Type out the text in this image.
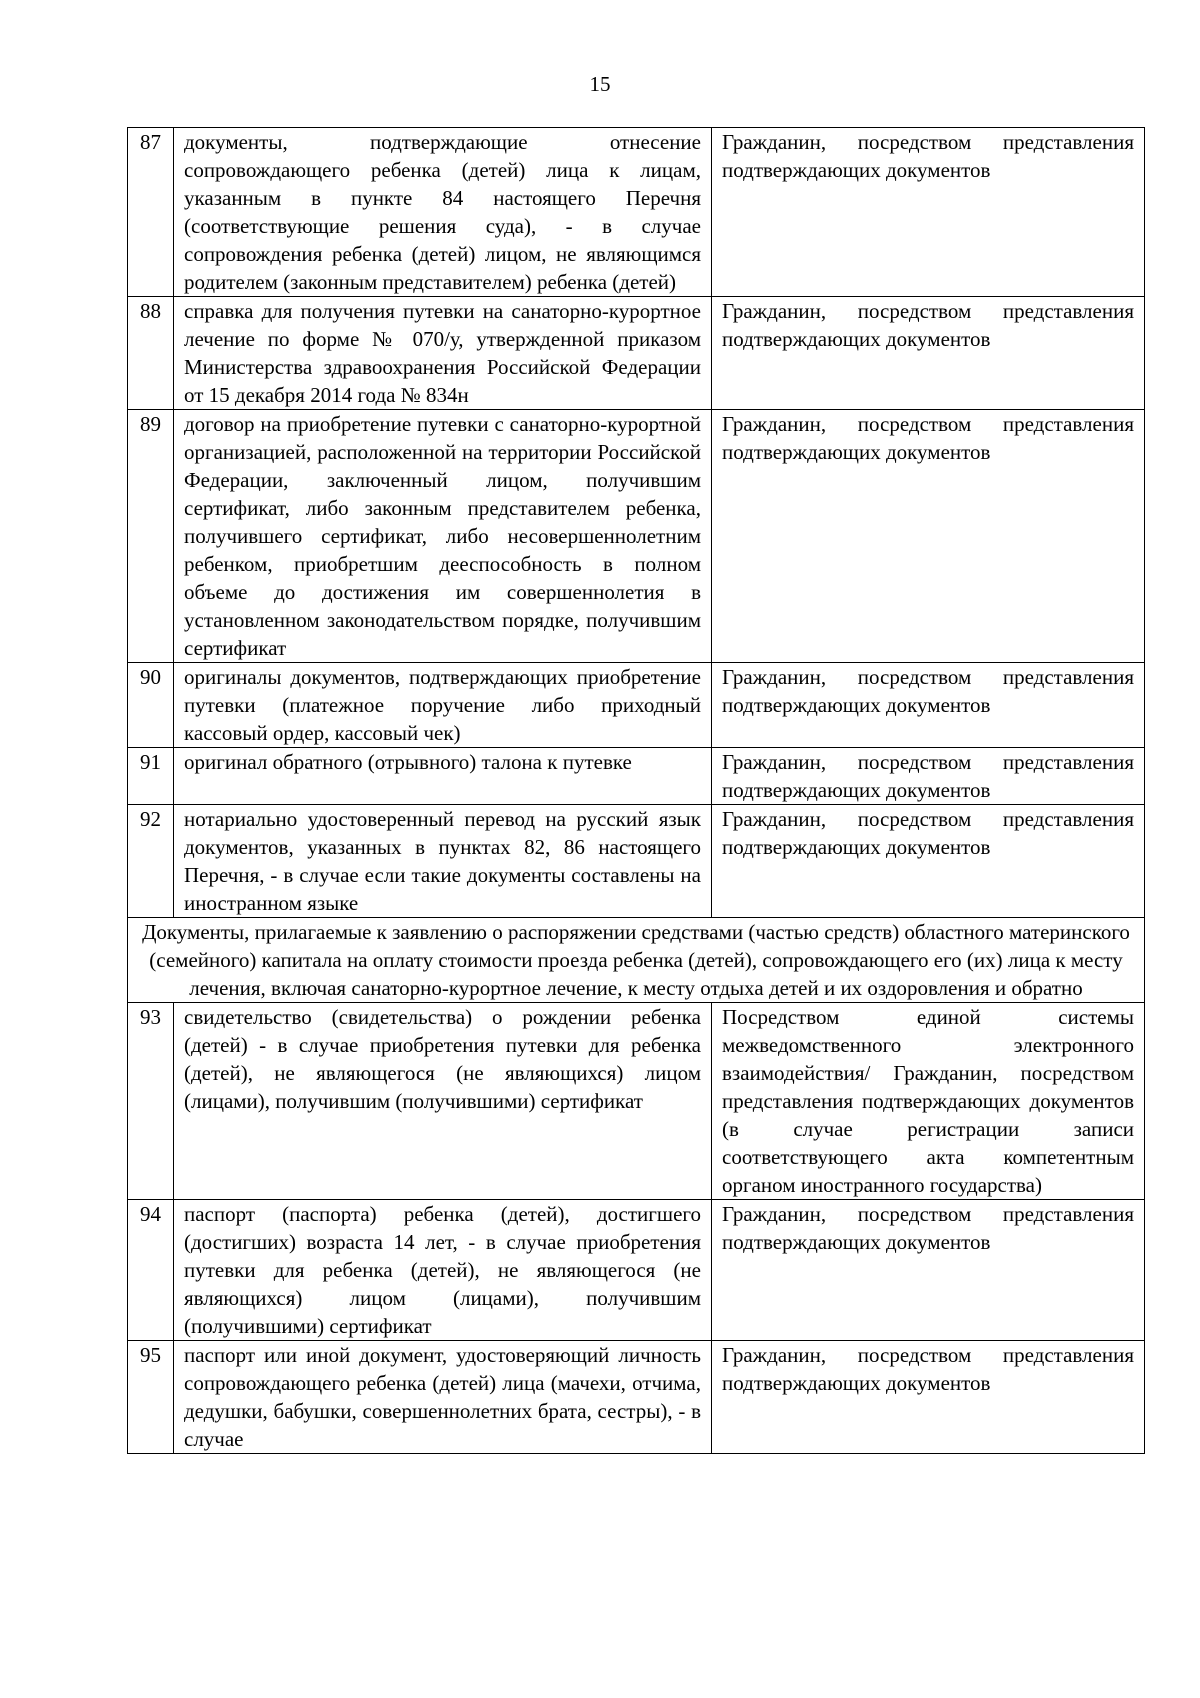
15
87	документы, подтверждающие отнесение сопровождающего ребенка (детей) лица к лицам, указанным в пункте 84 настоящего Перечня (соответствующие решения суда), - в случае сопровождения ребенка (детей) лицом, не являющимся родителем (законным представителем) ребенка (детей)	Гражданин, посредством представления подтверждающих документов
88	справка для получения путевки на санаторно-курортное лечение по форме № 070/у, утвержденной приказом Министерства здравоохранения Российской Федерации от 15 декабря 2014 года № 834н	Гражданин, посредством представления подтверждающих документов
89	договор на приобретение путевки с санаторно-курортной организацией, расположенной на территории Российской Федерации, заключенный лицом, получившим сертификат, либо законным представителем ребенка, получившего сертификат, либо несовершеннолетним ребенком, приобретшим дееспособность в полном объеме до достижения им совершеннолетия в установленном законодательством порядке, получившим сертификат	Гражданин, посредством представления подтверждающих документов
90	оригиналы документов, подтверждающих приобретение путевки (платежное поручение либо приходный кассовый ордер, кассовый чек)	Гражданин, посредством представления подтверждающих документов
91	оригинал обратного (отрывного) талона к путевке	Гражданин, посредством представления подтверждающих документов
92	нотариально удостоверенный перевод на русский язык документов, указанных в пунктах 82, 86 настоящего Перечня, - в случае если такие документы составлены на иностранном языке	Гражданин, посредством представления подтверждающих документов
Документы, прилагаемые к заявлению о распоряжении средствами (частью средств) областного материнского (семейного) капитала на оплату стоимости проезда ребенка (детей), сопровождающего его (их) лица к месту лечения, включая санаторно-курортное лечение, к месту отдыха детей и их оздоровления и обратно		
93	свидетельство (свидетельства) о рождении ребенка (детей) - в случае приобретения путевки для ребенка (детей), не являющегося (не являющихся) лицом (лицами), получившим (получившими) сертификат	Посредством единой системы межведомственного электронного взаимодействия/ Гражданин, посредством представления подтверждающих документов (в случае регистрации записи соответствующего акта компетентным органом иностранного государства)
94	паспорт (паспорта) ребенка (детей), достигшего (достигших) возраста 14 лет, - в случае приобретения путевки для ребенка (детей), не являющегося (не являющихся) лицом (лицами), получившим (получившими) сертификат	Гражданин, посредством представления подтверждающих документов
95	паспорт или иной документ, удостоверяющий личность сопровождающего ребенка (детей) лица (мачехи, отчима, дедушки, бабушки, совершеннолетних брата, сестры), - в случае	Гражданин, посредством представления подтверждающих документов
